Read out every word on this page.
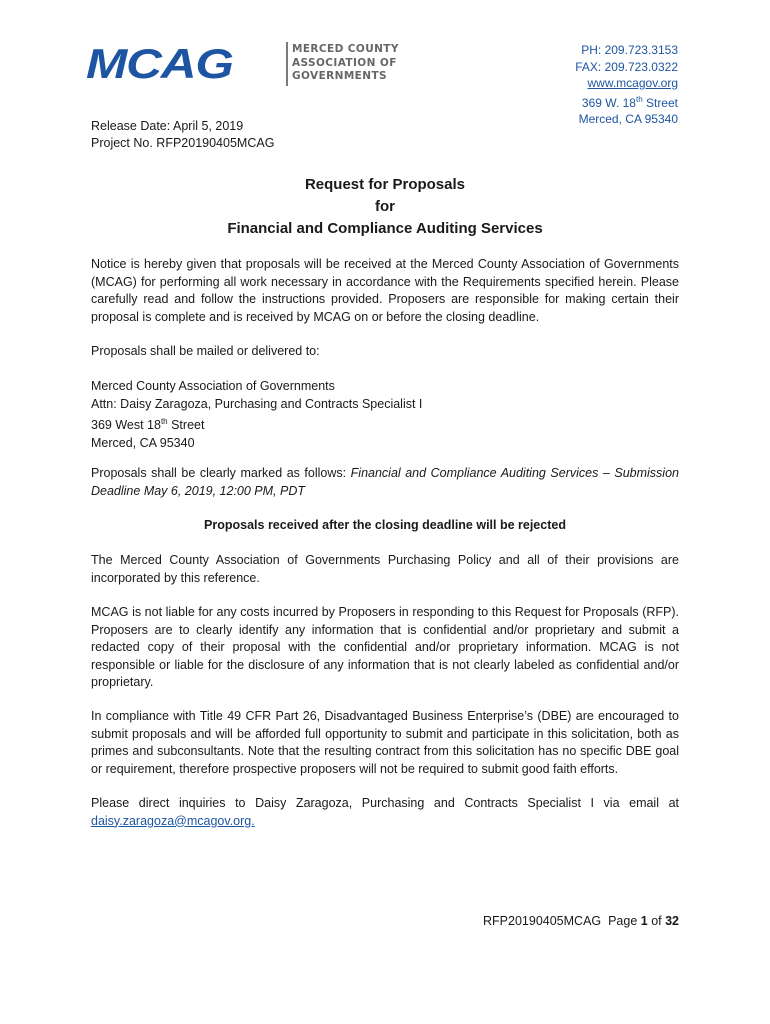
MCAG	MERCED COUNTY
ASSOCIATION OF
GOVERNMENTS
PH: 209.723.3153
FAX: 209.723.0322
www.mcagov.org
369 W. 18th Street
Merced, CA 95340
Release Date: April 5, 2019
Project No. RFP20190405MCAG
Request for Proposals
for
Financial and Compliance Auditing Services

Notice is hereby given that proposals will be received at the Merced County Association of Governments (MCAG) for performing all work necessary in accordance with the Requirements specified herein. Please carefully read and follow the instructions provided. Proposers are responsible for making certain their proposal is complete and is received by MCAG on or before the closing deadline.

Proposals shall be mailed or delivered to:

Merced County Association of Governments
Attn: Daisy Zaragoza, Purchasing and Contracts Specialist I
369 West 18th Street
Merced, CA 95340

Proposals shall be clearly marked as follows: Financial and Compliance Auditing Services – Submission Deadline May 6, 2019, 12:00 PM, PDT

Proposals received after the closing deadline will be rejected

The Merced County Association of Governments Purchasing Policy and all of their provisions are incorporated by this reference.

MCAG is not liable for any costs incurred by Proposers in responding to this Request for Proposals (RFP). Proposers are to clearly identify any information that is confidential and/or proprietary and submit a redacted copy of their proposal with the confidential and/or proprietary information. MCAG is not responsible or liable for the disclosure of any information that is not clearly labeled as confidential and/or proprietary.

In compliance with Title 49 CFR Part 26, Disadvantaged Business Enterprise’s (DBE) are encouraged to submit proposals and will be afforded full opportunity to submit and participate in this solicitation, both as primes and subconsultants. Note that the resulting contract from this solicitation has no specific DBE goal or requirement, therefore prospective proposers will not be required to submit good faith efforts.

Please direct inquiries to Daisy Zaragoza, Purchasing and Contracts Specialist I via email at daisy.zaragoza@mcagov.org.

RFP20190405MCAG Page 1 of 32
